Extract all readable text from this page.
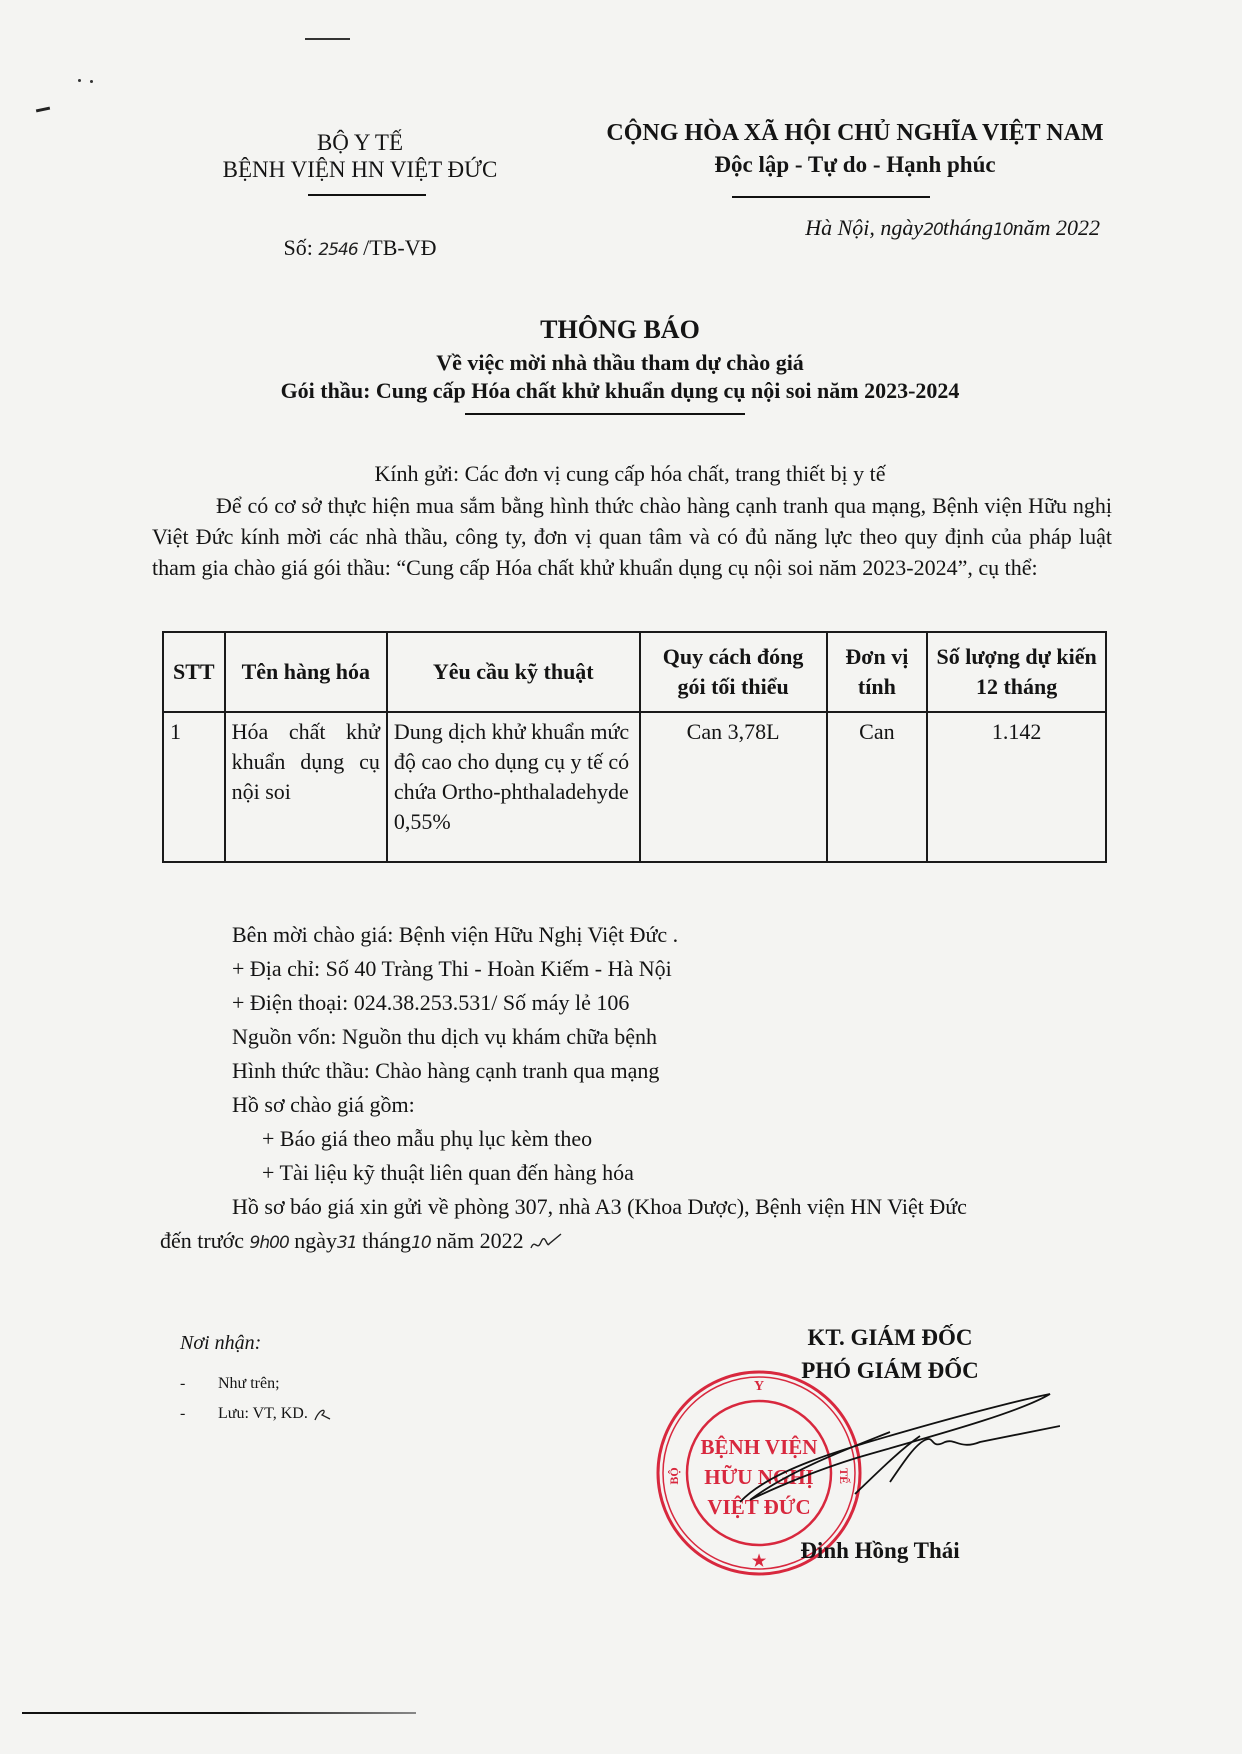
BỘ Y TẾ
BỆNH VIỆN HN VIỆT ĐỨC
Số: 2546 /TB-VĐ
CỘNG HÒA XÃ HỘI CHỦ NGHĨA VIỆT NAM
Độc lập - Tự do - Hạnh phúc
Hà Nội, ngày20tháng10năm 2022
THÔNG BÁO
Về việc mời nhà thầu tham dự chào giá
Gói thầu: Cung cấp Hóa chất khử khuẩn dụng cụ nội soi năm 2023-2024
Kính gửi: Các đơn vị cung cấp hóa chất, trang thiết bị y tế
Để có cơ sở thực hiện mua sắm bằng hình thức chào hàng cạnh tranh qua mạng, Bệnh viện Hữu nghị Việt Đức kính mời các nhà thầu, công ty, đơn vị quan tâm và có đủ năng lực theo quy định của pháp luật tham gia chào giá gói thầu: “Cung cấp Hóa chất khử khuẩn dụng cụ nội soi năm 2023-2024”, cụ thể:
STT	Tên hàng hóa	Yêu cầu kỹ thuật	Quy cách đóng gói tối thiểu	Đơn vị tính	Số lượng dự kiến 12 tháng
1	Hóa chất khử khuẩn dụng cụ nội soi	Dung dịch khử khuẩn mức độ cao cho dụng cụ y tế có chứa Ortho-phthaladehyde 0,55%	Can 3,78L	Can	1.142
Bên mời chào giá: Bệnh viện Hữu Nghị Việt Đức .
+ Địa chỉ: Số 40 Tràng Thi - Hoàn Kiếm - Hà Nội
+ Điện thoại: 024.38.253.531/ Số máy lẻ 106
Nguồn vốn: Nguồn thu dịch vụ khám chữa bệnh
Hình thức thầu: Chào hàng cạnh tranh qua mạng
Hồ sơ chào giá gồm:
+ Báo giá theo mẫu phụ lục kèm theo
+ Tài liệu kỹ thuật liên quan đến hàng hóa
Hồ sơ báo giá xin gửi về phòng 307, nhà A3 (Khoa Dược), Bệnh viện HN Việt Đức
đến trước 9h00 ngày31 tháng10 năm 2022
Nơi nhận:
- Như trên;
- Lưu: VT, KD.
KT. GIÁM ĐỐC
PHÓ GIÁM ĐỐC
Y
BỘ	TẾ
BỆNH VIỆN
HỮU NGHỊ
VIỆT ĐỨC
★	Đinh Hồng Thái
